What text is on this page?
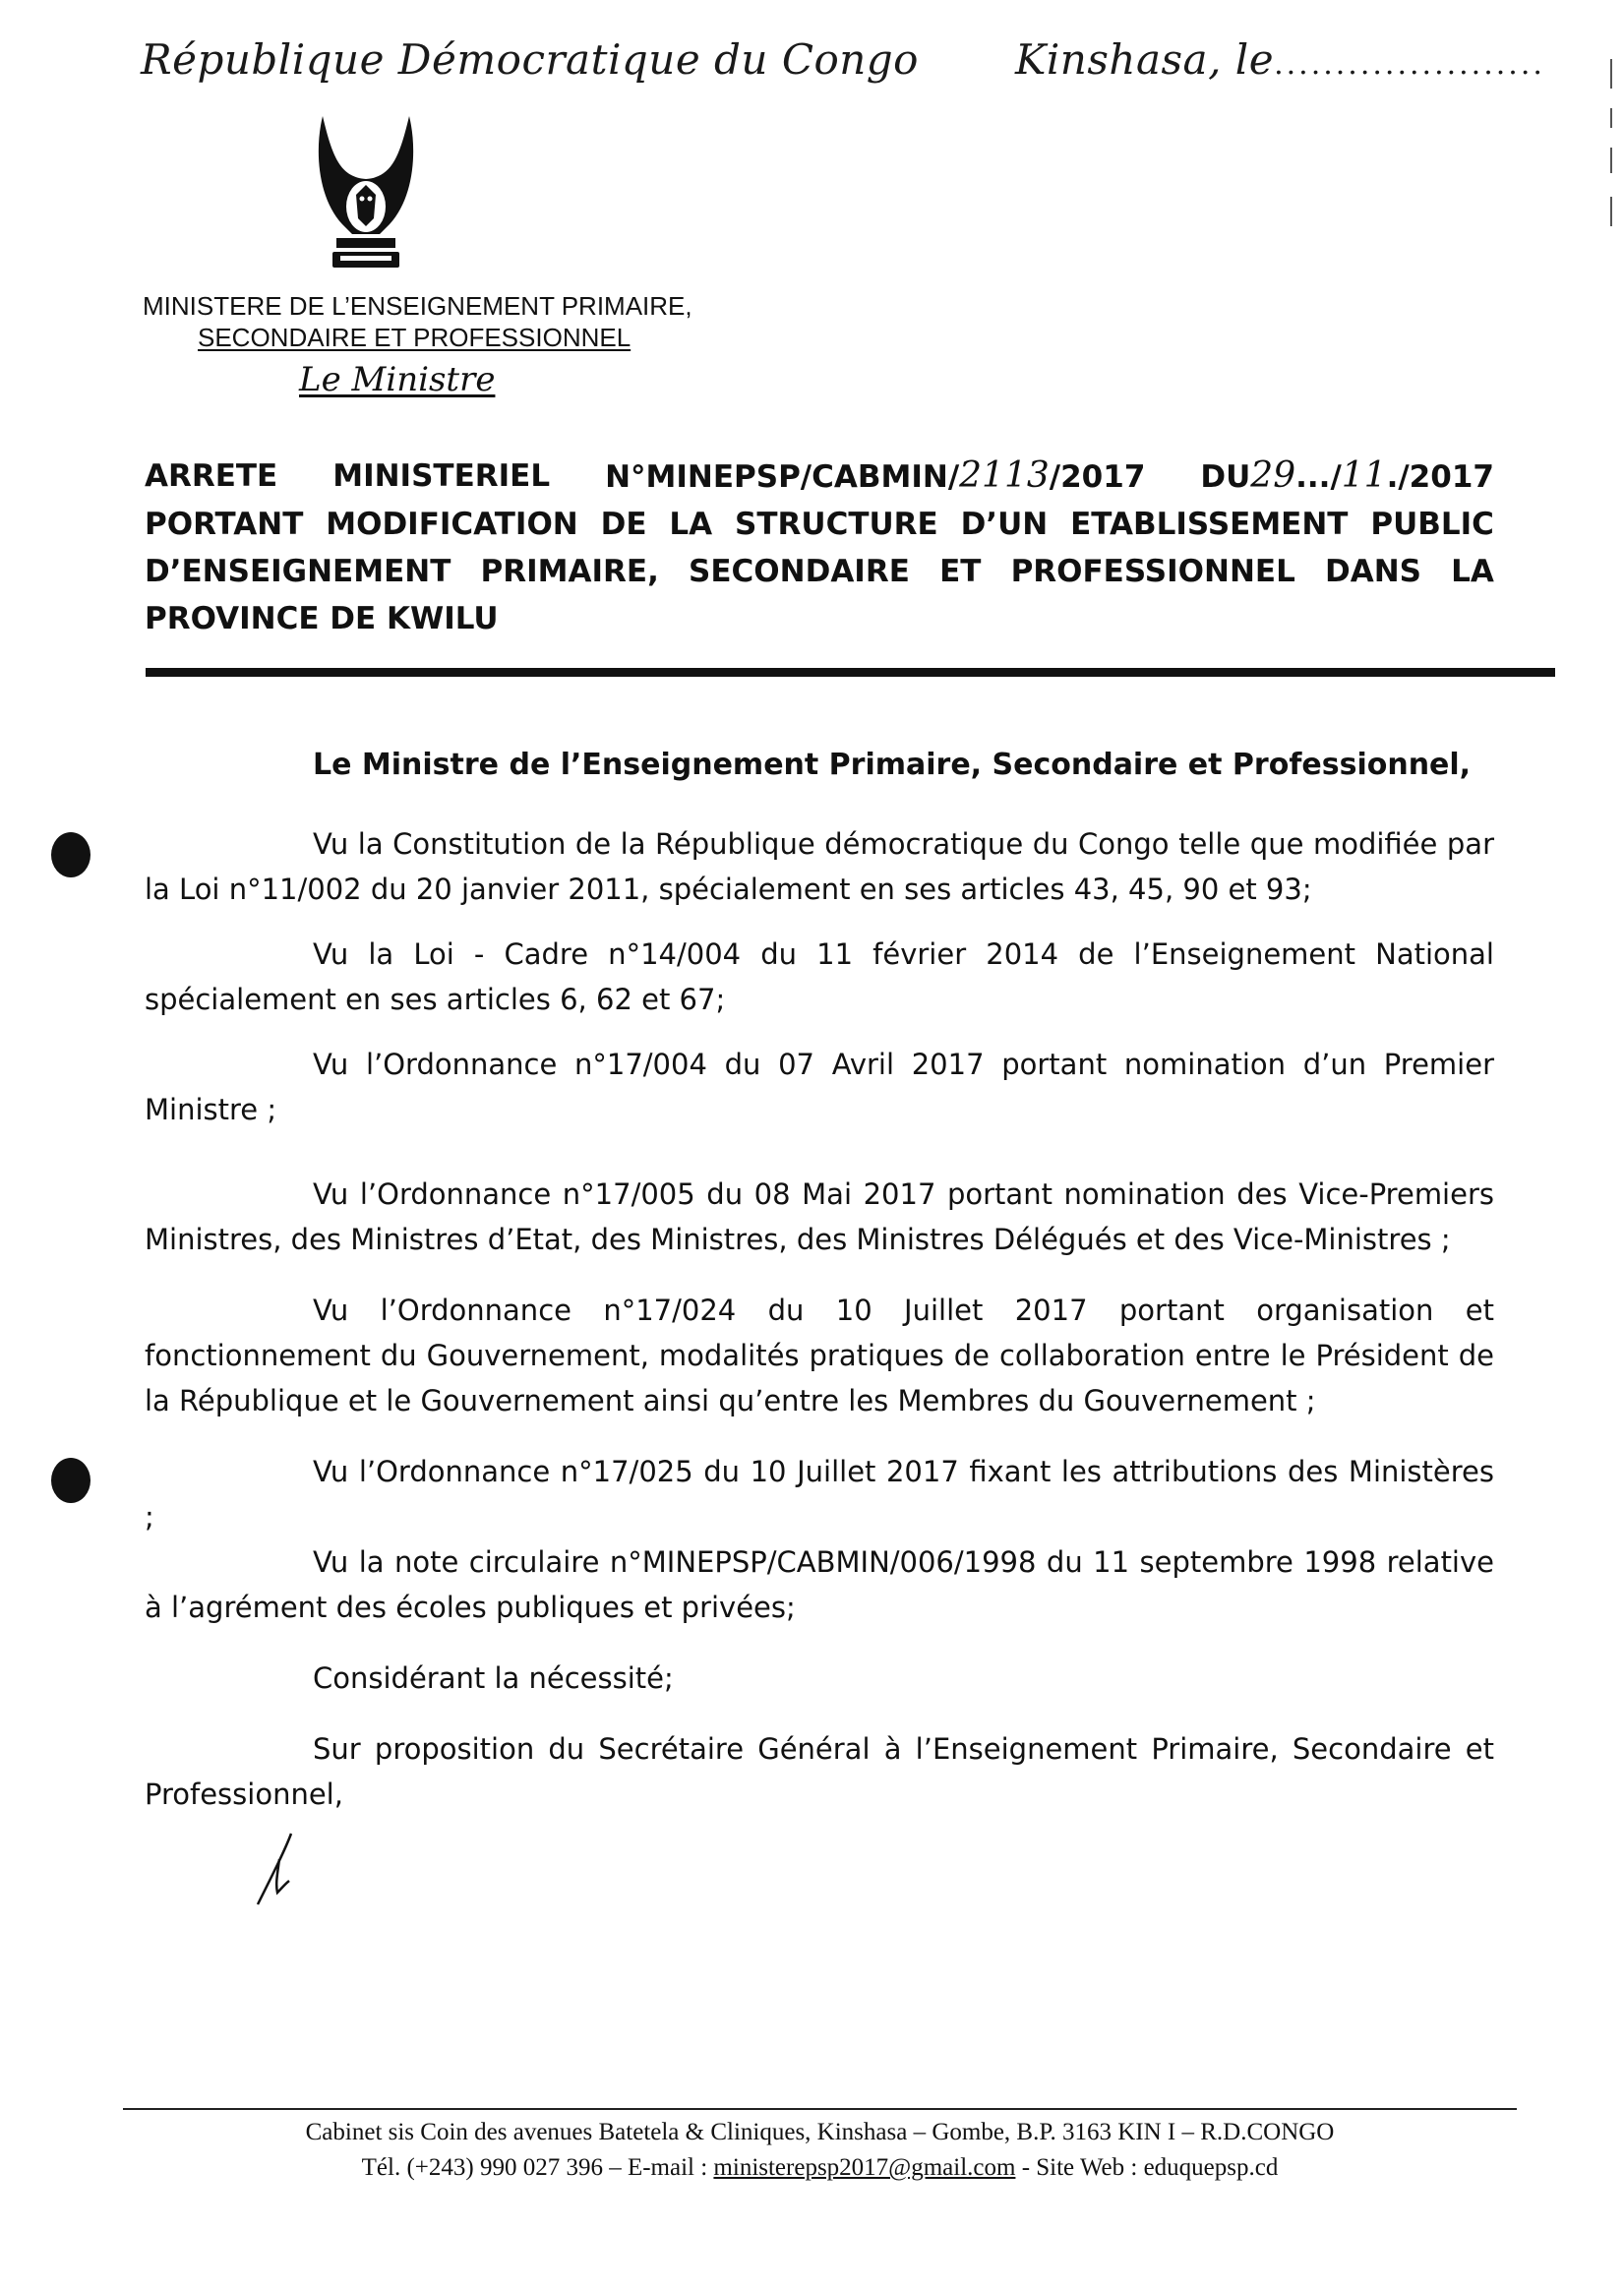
République Démocratique du Congo Kinshasa, le......................
MINISTERE DE L’ENSEIGNEMENT PRIMAIRE,
SECONDAIRE ET PROFESSIONNEL
Le Ministre
ARRETE MINISTERIEL N°MINEPSP/CABMIN/2113/2017 DU29.../11./2017
PORTANT MODIFICATION DE LA STRUCTURE D’UN ETABLISSEMENT PUBLIC
D’ENSEIGNEMENT PRIMAIRE, SECONDAIRE ET PROFESSIONNEL DANS LA
PROVINCE DE KWILU
Le Ministre de l’Enseignement Primaire, Secondaire et Professionnel,

Vu la Constitution de la République démocratique du Congo telle que modifiée par la Loi n°11/002 du 20 janvier 2011, spécialement en ses articles 43, 45, 90 et 93;

Vu la Loi - Cadre n°14/004 du 11 février 2014 de l’Enseignement National spécialement en ses articles 6, 62 et 67;

Vu l’Ordonnance n°17/004 du 07 Avril 2017 portant nomination d’un Premier Ministre ;

Vu l’Ordonnance n°17/005 du 08 Mai 2017 portant nomination des Vice-Premiers Ministres, des Ministres d’Etat, des Ministres, des Ministres Délégués et des Vice-Ministres ;

Vu l’Ordonnance n°17/024 du 10 Juillet 2017 portant organisation et fonctionnement du Gouvernement, modalités pratiques de collaboration entre le Président de la République et le Gouvernement ainsi qu’entre les Membres du Gouvernement ;

Vu l’Ordonnance n°17/025 du 10 Juillet 2017 fixant les attributions des Ministères ;

Vu la note circulaire n°MINEPSP/CABMIN/006/1998 du 11 septembre 1998 relative à l’agrément des écoles publiques et privées;

Considérant la nécessité;

Sur proposition du Secrétaire Général à l’Enseignement Primaire, Secondaire et Professionnel,

Cabinet sis Coin des avenues Batetela & Cliniques, Kinshasa – Gombe, B.P. 3163 KIN I – R.D.CONGO
Tél. (+243) 990 027 396 – E-mail : ministerepsp2017@gmail.com - Site Web : eduquepsp.cd
